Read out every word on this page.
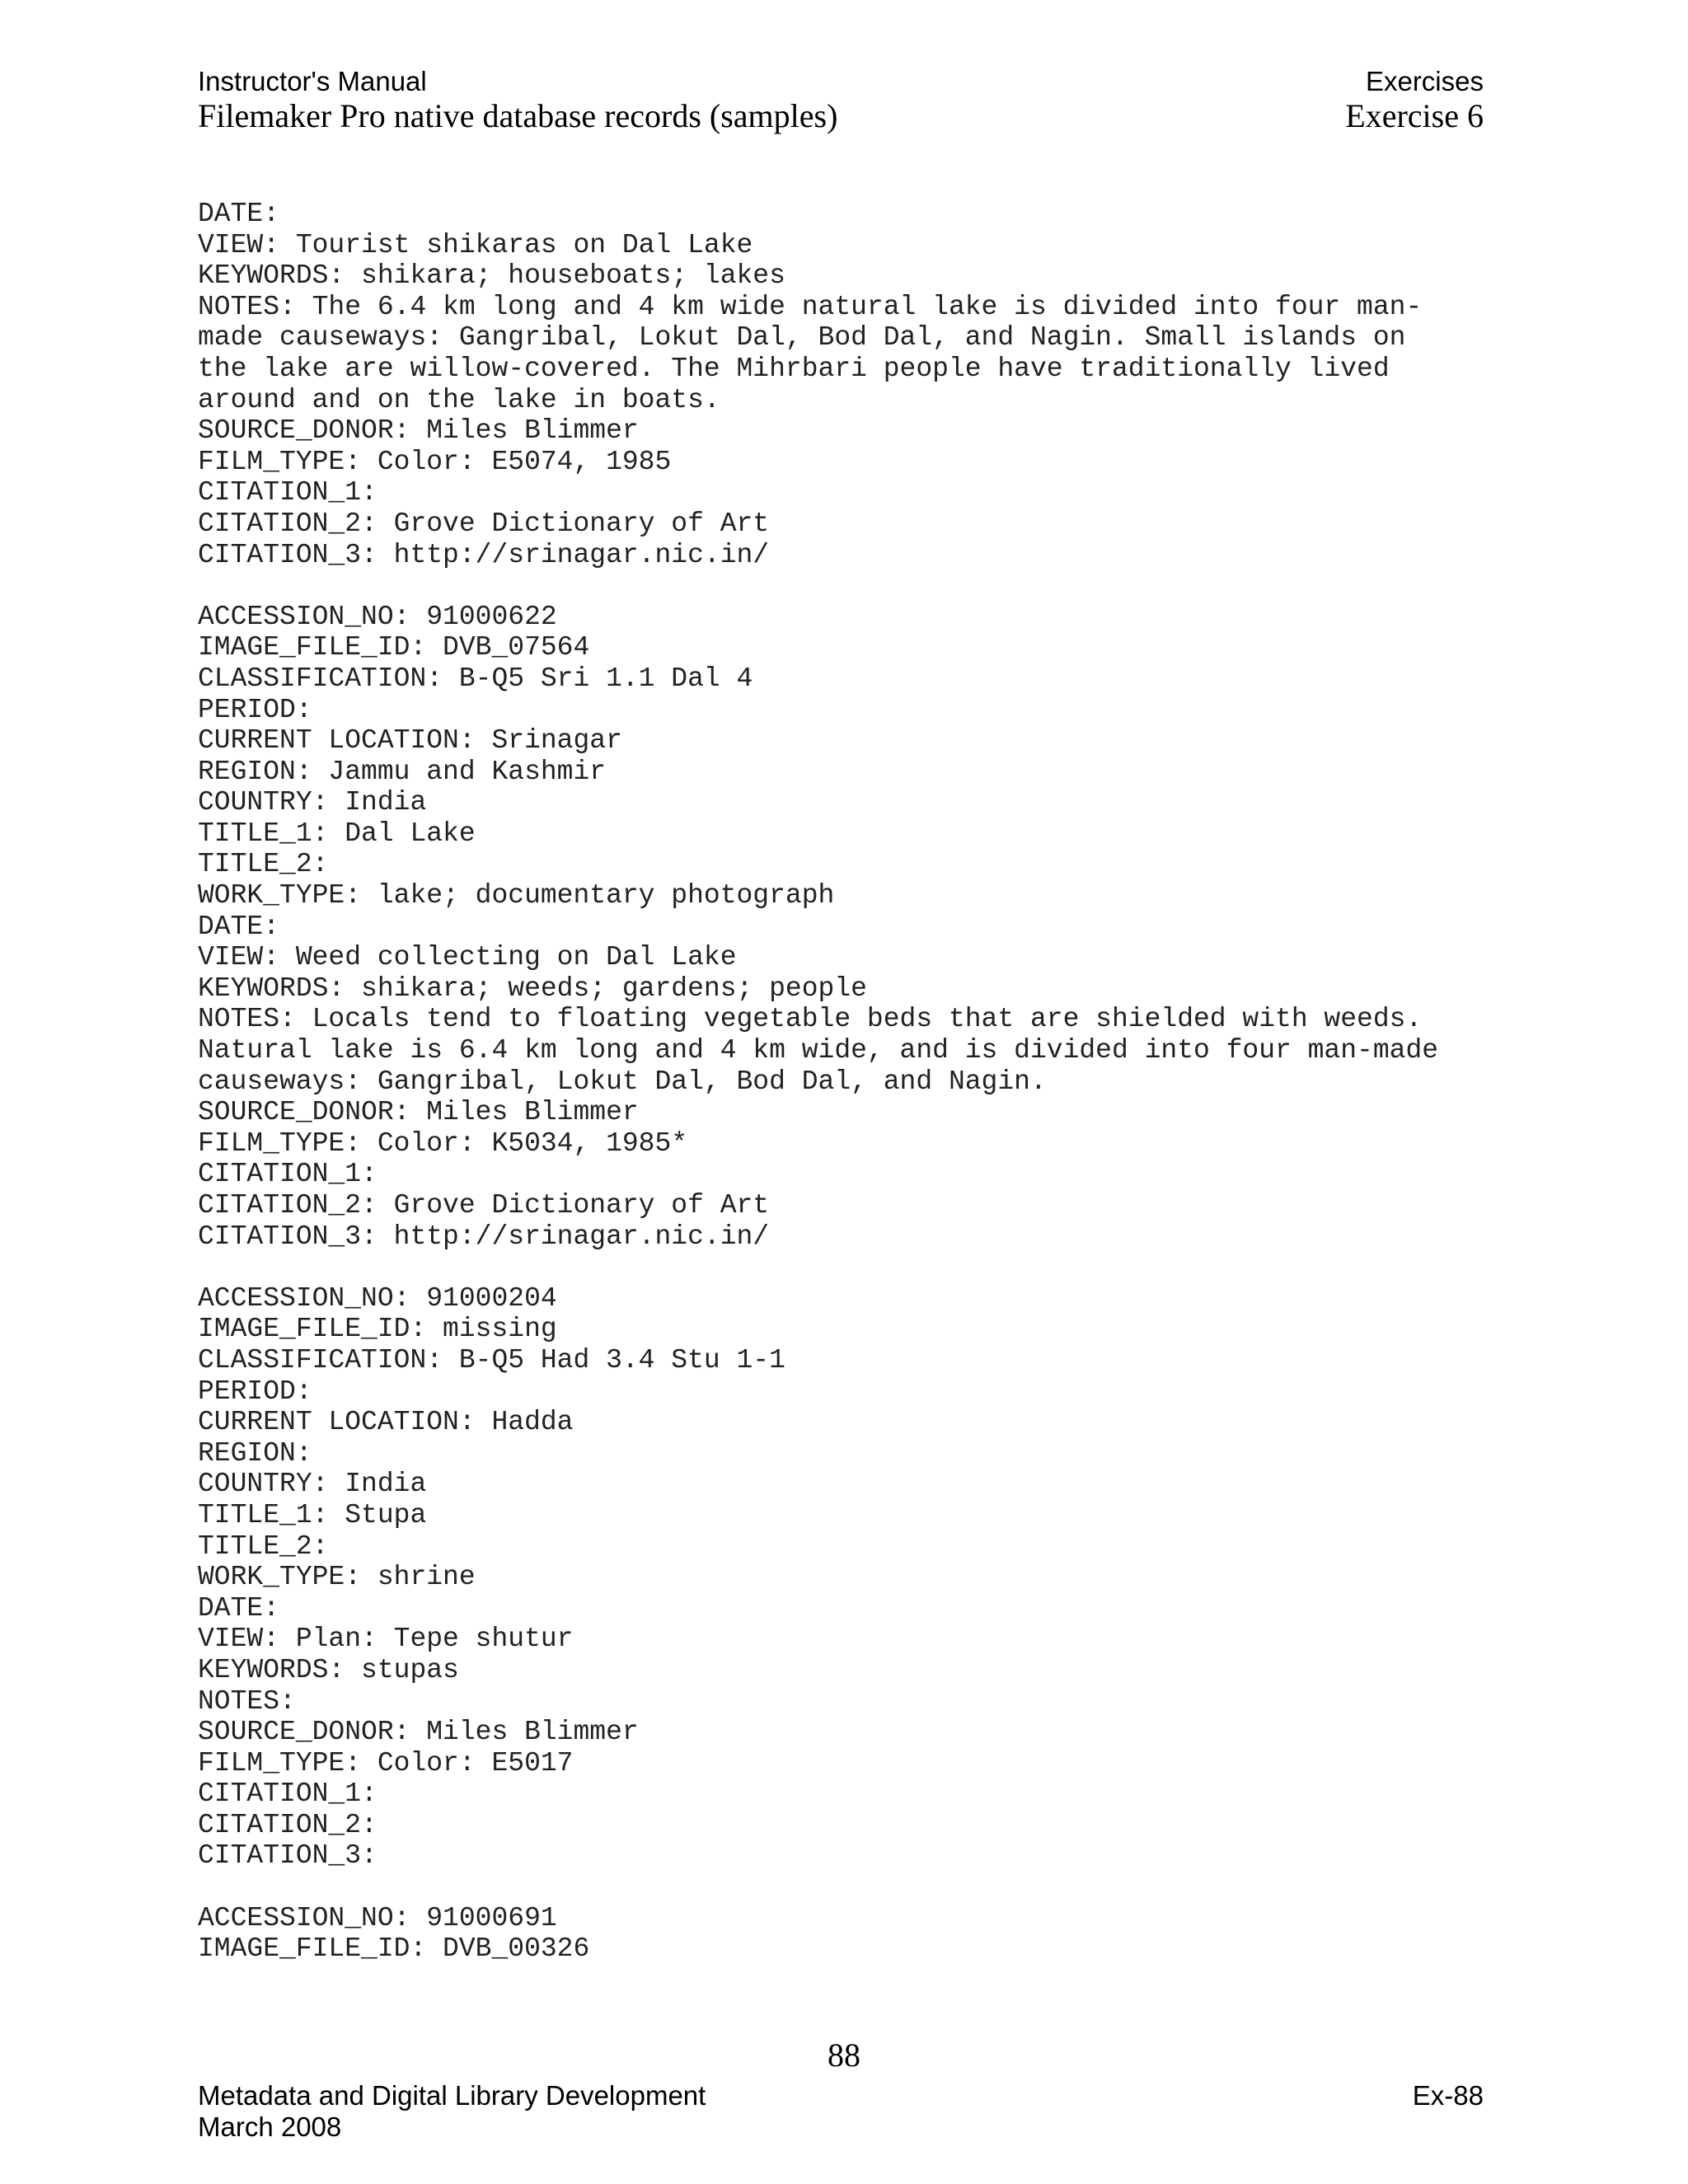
Instructor's Manual	Exercises
Filemaker Pro native database records (samples)	Exercise 6
DATE:
VIEW: Tourist shikaras on Dal Lake
KEYWORDS: shikara; houseboats; lakes
NOTES: The 6.4 km long and 4 km wide natural lake is divided into four man-
made causeways: Gangribal, Lokut Dal, Bod Dal, and Nagin. Small islands on
the lake are willow-covered. The Mihrbari people have traditionally lived
around and on the lake in boats.
SOURCE_DONOR: Miles Blimmer
FILM_TYPE: Color: E5074, 1985
CITATION_1:
CITATION_2: Grove Dictionary of Art
CITATION_3: http://srinagar.nic.in/
ACCESSION_NO: 91000622
IMAGE_FILE_ID: DVB_07564
CLASSIFICATION: B-Q5 Sri 1.1 Dal 4
PERIOD:
CURRENT LOCATION: Srinagar
REGION: Jammu and Kashmir
COUNTRY: India
TITLE_1: Dal Lake
TITLE_2:
WORK_TYPE: lake; documentary photograph
DATE:
VIEW: Weed collecting on Dal Lake
KEYWORDS: shikara; weeds; gardens; people
NOTES: Locals tend to floating vegetable beds that are shielded with weeds.
Natural lake is 6.4 km long and 4 km wide, and is divided into four man-made
causeways: Gangribal, Lokut Dal, Bod Dal, and Nagin.
SOURCE_DONOR: Miles Blimmer
FILM_TYPE: Color: K5034, 1985*
CITATION_1:
CITATION_2: Grove Dictionary of Art
CITATION_3: http://srinagar.nic.in/
ACCESSION_NO: 91000204
IMAGE_FILE_ID: missing
CLASSIFICATION: B-Q5 Had 3.4 Stu 1-1
PERIOD:
CURRENT LOCATION: Hadda
REGION:
COUNTRY: India
TITLE_1: Stupa
TITLE_2:
WORK_TYPE: shrine
DATE:
VIEW: Plan: Tepe shutur
KEYWORDS: stupas
NOTES:
SOURCE_DONOR: Miles Blimmer
FILM_TYPE: Color: E5017
CITATION_1:
CITATION_2:
CITATION_3:
ACCESSION_NO: 91000691
IMAGE_FILE_ID: DVB_00326
88
Metadata and Digital Library Development	Ex-88
March 2008
